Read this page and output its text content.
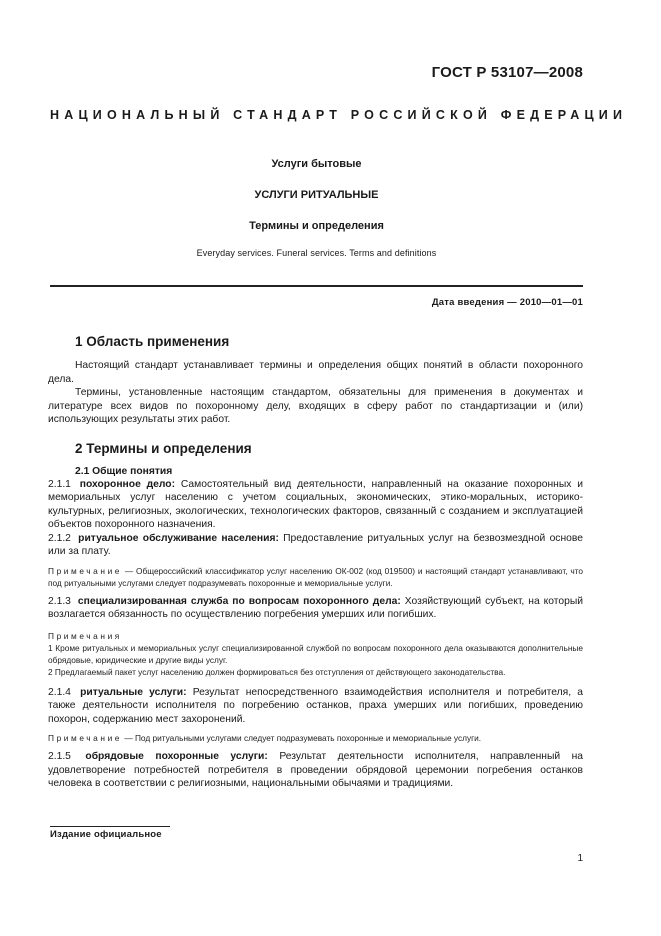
ГОСТ Р 53107—2008
НАЦИОНАЛЬНЫЙ СТАНДАРТ РОССИЙСКОЙ ФЕДЕРАЦИИ
Услуги бытовые
УСЛУГИ РИТУАЛЬНЫЕ
Термины и определения
Everyday services. Funeral services. Terms and definitions
Дата введения — 2010—01—01
1 Область применения

Настоящий стандарт устанавливает термины и определения общих понятий в области похоронного дела.

Термины, установленные настоящим стандартом, обязательны для применения в документах и литературе всех видов по похоронному делу, входящих в сферу работ по стандартизации и (или) использующих результаты этих работ.

2 Термины и определения
2.1 Общие понятия

2.1.1 похоронное дело: Самостоятельный вид деятельности, направленный на оказание похоронных и мемориальных услуг населению с учетом социальных, экономических, этико-моральных, историко-культурных, религиозных, экологических, технологических факторов, связанный с созданием и эксплуатацией объектов похоронного назначения.

2.1.2 ритуальное обслуживание населения: Предоставление ритуальных услуг на безвозмездной основе или за плату.

Примечание — Общероссийский классификатор услуг населению ОК-002 (код 019500) и настоящий стандарт устанавливают, что под ритуальными услугами следует подразумевать похоронные и мемориальные услуги.

2.1.3 специализированная служба по вопросам похоронного дела: Хозяйствующий субъект, на который возлагается обязанность по осуществлению погребения умерших или погибших.

Примечания
1 Кроме ритуальных и мемориальных услуг специализированной службой по вопросам похоронного дела оказываются дополнительные обрядовые, юридические и другие виды услуг.
2 Предлагаемый пакет услуг населению должен формироваться без отступления от действующего законодательства.

2.1.4 ритуальные услуги: Результат непосредственного взаимодействия исполнителя и потребителя, а также деятельности исполнителя по погребению останков, праха умерших или погибших, проведению похорон, содержанию мест захоронений.

Примечание — Под ритуальными услугами следует подразумевать похоронные и мемориальные услуги.

2.1.5 обрядовые похоронные услуги: Результат деятельности исполнителя, направленный на удовлетворение потребностей потребителя в проведении обрядовой церемонии погребения останков человека в соответствии с религиозными, национальными обычаями и традициями.

Издание официальное
1
